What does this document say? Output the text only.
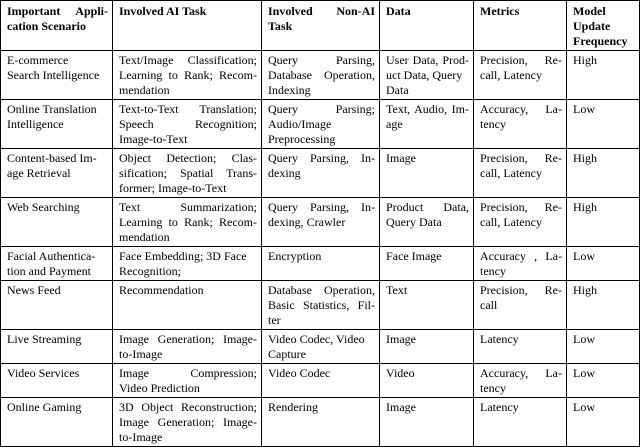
Important Appli-
cation Scenario	Involved AI Task	Involved Non-AI
Task	Data	Metrics	Model
Update
Frequency

E-commerce
Search Intelligence	Text/Image Classification;
Learning to Rank; Recom-
mendation	Query Parsing,
Database Operation,
Indexing	User Data, Prod-
uct Data, Query
Data	Precision, Re-
call, Latency	High

Online Translation
Intelligence	Text-to-Text Translation;
Speech Recognition;
Image-to-Text	Query Parsing;
Audio/Image
Preprocessing	Text, Audio, Im-
age	Accuracy, La-
tency	Low

Content-based Im-
age Retrieval	Object Detection; Clas-
sification; Spatial Trans-
former; Image-to-Text	Query Parsing, In-
dexing	Image	Precision, Re-
call, Latency	High

Web Searching	Text Summarization;
Learning to Rank; Recom-
mendation	Query Parsing, In-
dexing, Crawler	Product Data,
Query Data	Precision, Re-
call, Latency	High

Facial Authentica-
tion and Payment	Face Embedding; 3D Face
Recognition;	Encryption	Face Image	Accuracy , La-
tency	Low

News Feed	Recommendation	Database Operation,
Basic Statistics, Fil-
ter	Text	Precision, Re-
call	High

Live Streaming	Image Generation; Image-
to-Image	Video Codec, Video
Capture	Image	Latency	Low

Video Services	Image Compression;
Video Prediction	Video Codec	Video	Accuracy, La-
tency	Low

Online Gaming	3D Object Reconstruction;
Image Generation; Image-
to-Image	Rendering	Image	Latency	Low
